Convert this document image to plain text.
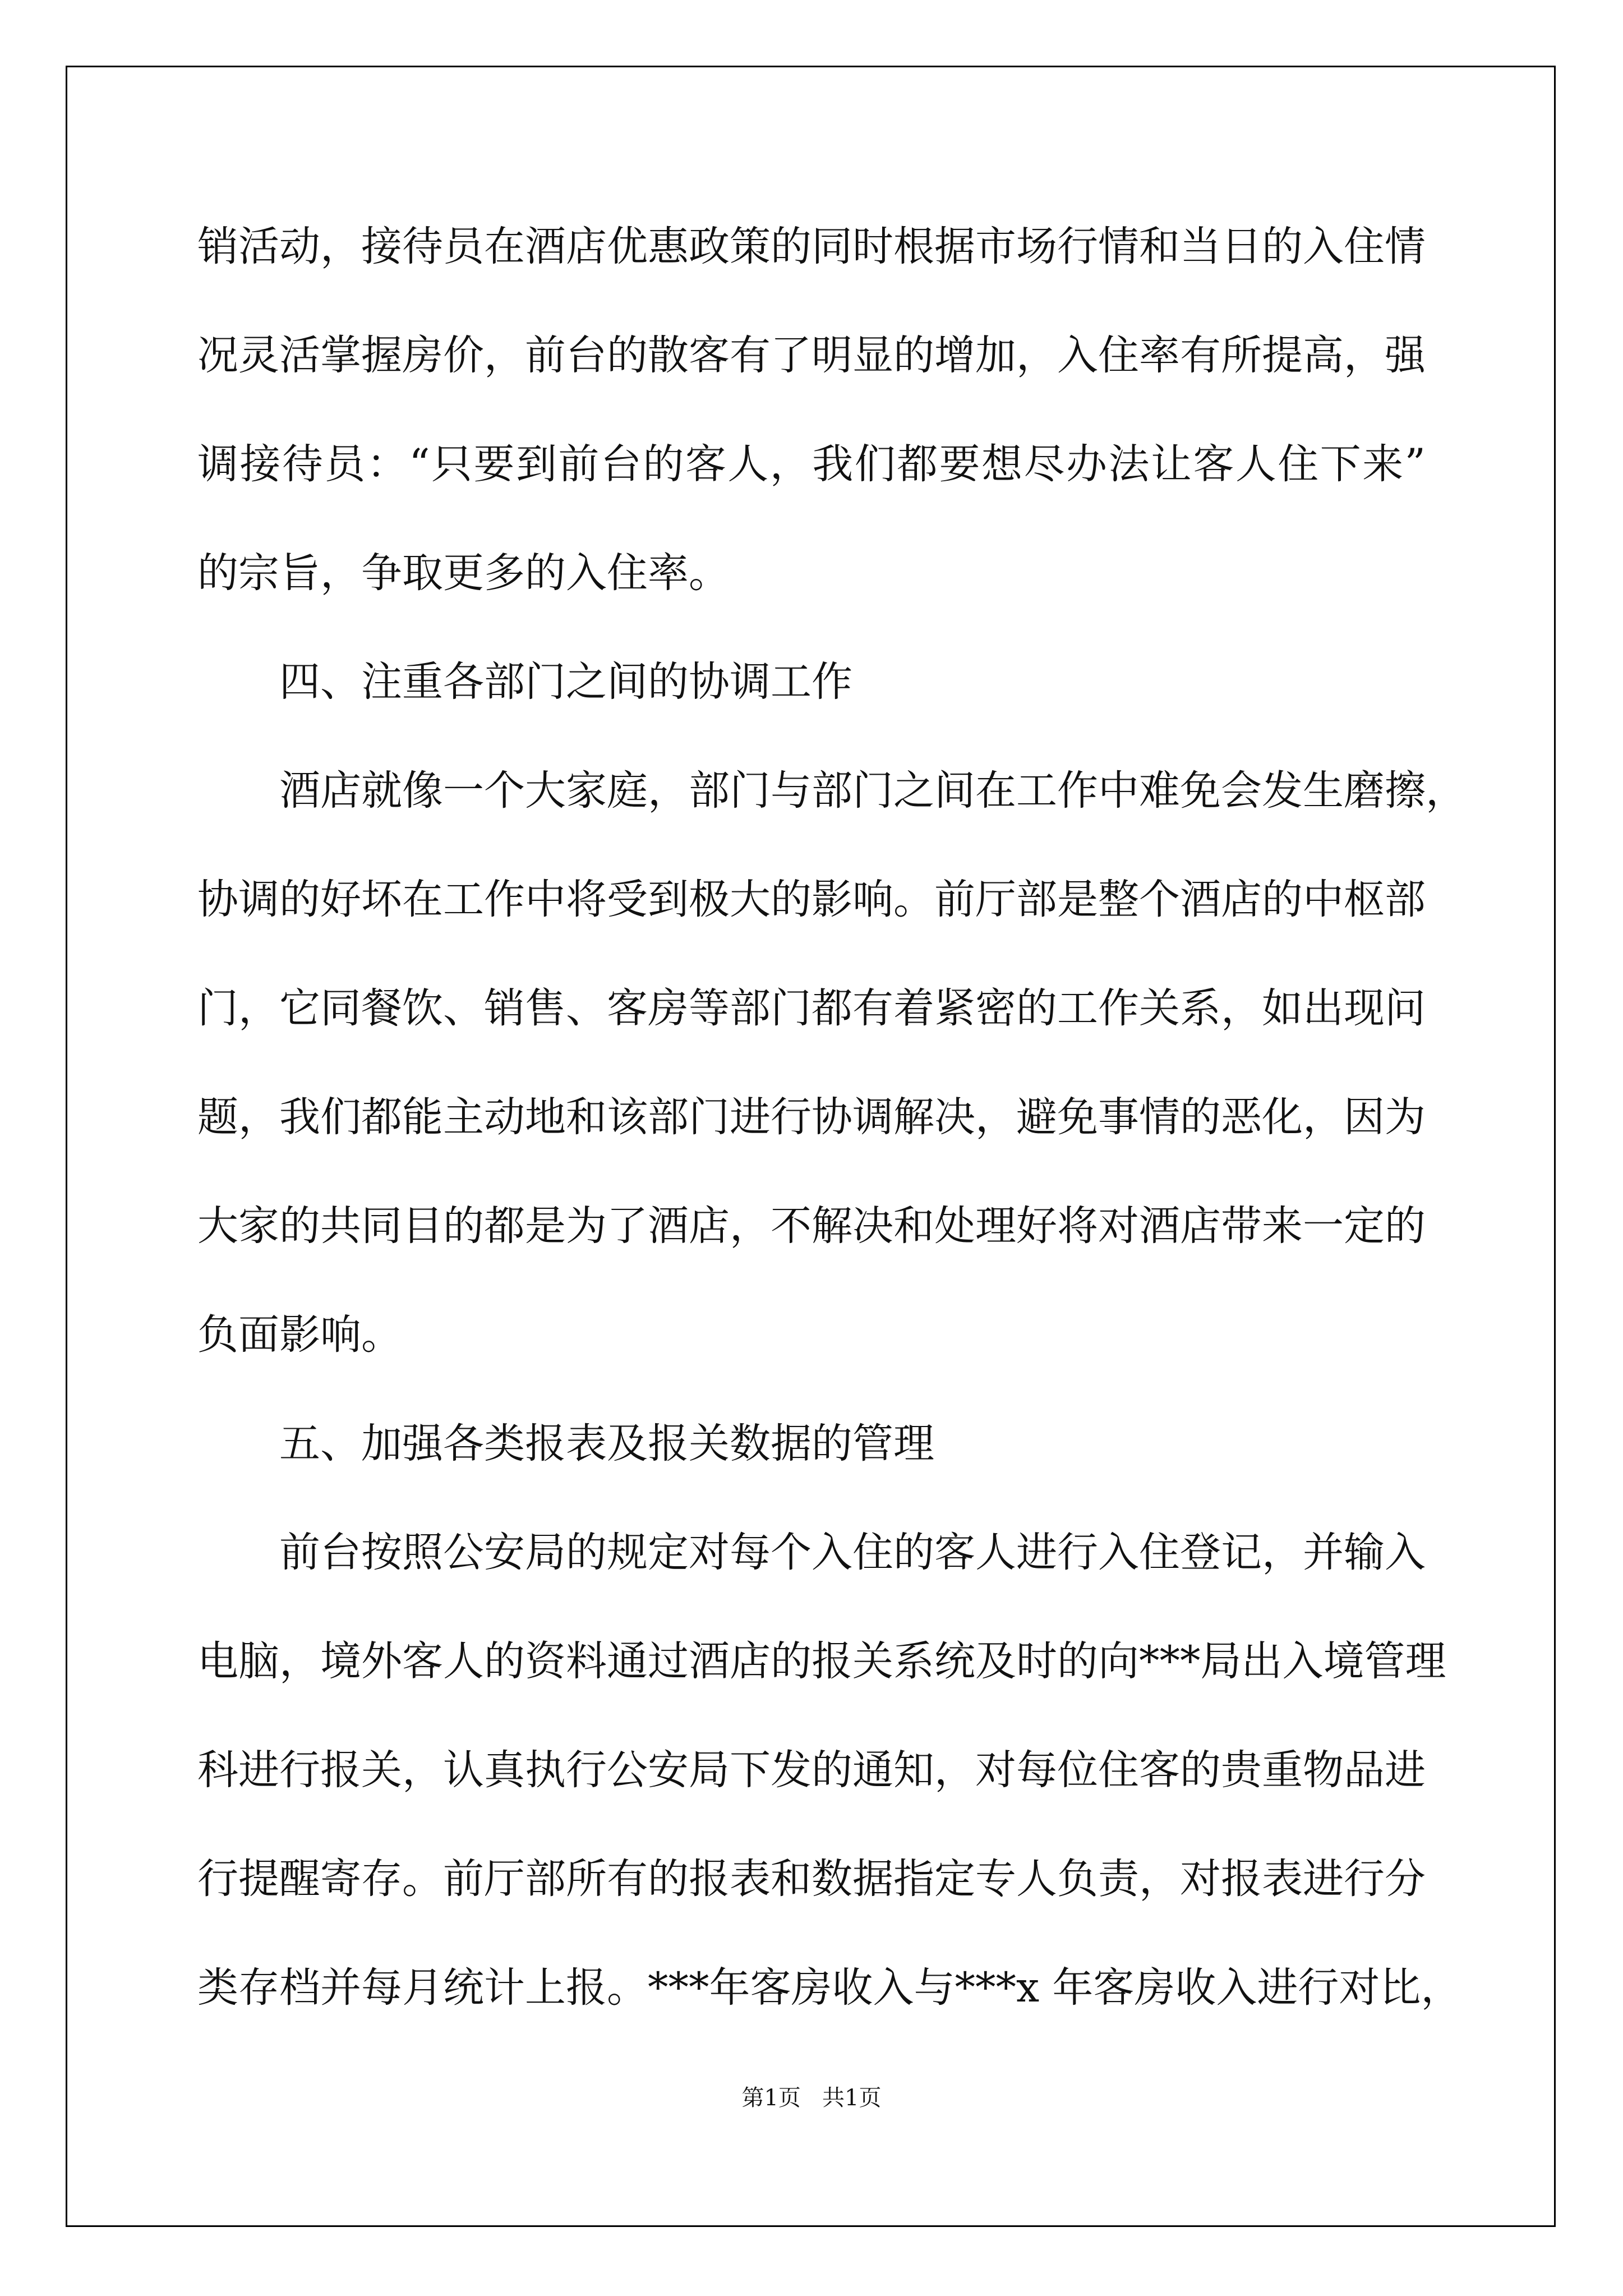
销活动，接待员在酒店优惠政策的同时根据市场行情和当日的入住情
况灵活掌握房价，前台的散客有了明显的增加，入住率有所提高，强
调接待员：“只要到前台的客人，我们都要想尽办法让客人住下来”
的宗旨，争取更多的入住率。
四、注重各部门之间的协调工作
酒店就像一个大家庭，部门与部门之间在工作中难免会发生磨擦，
协调的好坏在工作中将受到极大的影响。前厅部是整个酒店的中枢部
门，它同餐饮、销售、客房等部门都有着紧密的工作关系，如出现问
题，我们都能主动地和该部门进行协调解决，避免事情的恶化，因为
大家的共同目的都是为了酒店，不解决和处理好将对酒店带来一定的
负面影响。
五、加强各类报表及报关数据的管理
前台按照公安局的规定对每个入住的客人进行入住登记，并输入
电脑，境外客人的资料通过酒店的报关系统及时的向***局出入境管理
科进行报关，认真执行公安局下发的通知，对每位住客的贵重物品进
行提醒寄存。前厅部所有的报表和数据指定专人负责，对报表进行分
类存档并每月统计上报。***年客房收入与***x 年客房收入进行对比，
第1页   共1页
